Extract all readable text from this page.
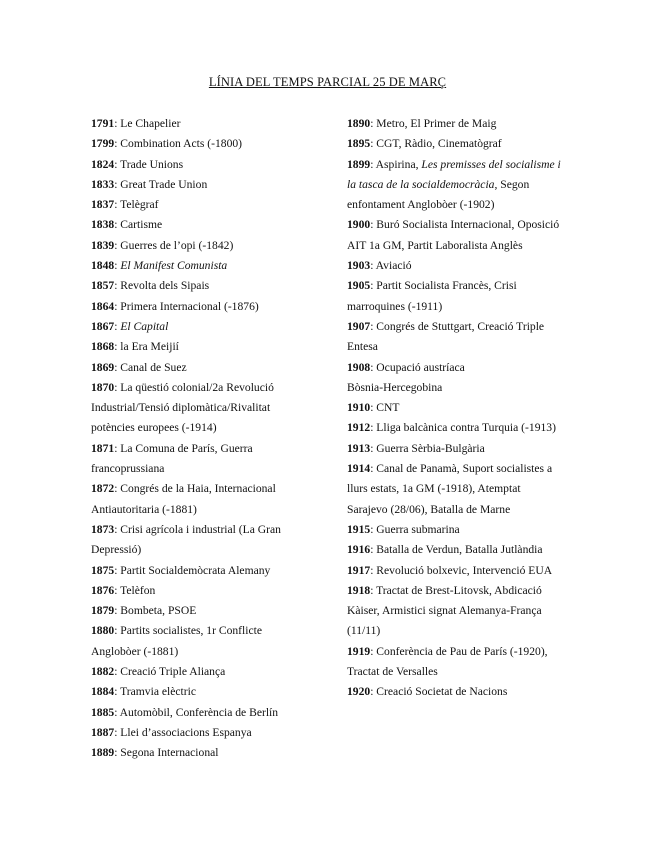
LÍNIA DEL TEMPS PARCIAL 25 DE MARÇ
1791: Le Chapelier
1799: Combination Acts (-1800)
1824: Trade Unions
1833: Great Trade Union
1837: Telègraf
1838: Cartisme
1839: Guerres de l’opi (-1842)
1848: El Manifest Comunista
1857: Revolta dels Sipais
1864: Primera Internacional (-1876)
1867: El Capital
1868: la Era Meijií
1869: Canal de Suez
1870: La qüestió colonial/2a Revolució
Industrial/Tensió diplomàtica/Rivalitat
potències europees (-1914)
1871: La Comuna de París, Guerra
francoprussiana
1872: Congrés de la Haia, Internacional
Antiautoritaria (-1881)
1873: Crisi agrícola i industrial (La Gran
Depressió)
1875: Partit Socialdemòcrata Alemany
1876: Telèfon
1879: Bombeta, PSOE
1880: Partits socialistes, 1r Conflicte
Anglobòer (-1881)
1882: Creació Triple Aliança
1884: Tramvia elèctric
1885: Automòbil, Conferència de Berlín
1887: Llei d’associacions Espanya
1889: Segona Internacional
1890: Metro, El Primer de Maig
1895: CGT, Ràdio, Cinematògraf
1899: Aspirina, Les premisses del socialisme i
la tasca de la socialdemocràcia, Segon
enfontament Anglobòer (-1902)
1900: Buró Socialista Internacional, Oposició
AIT 1a GM, Partit Laboralista Anglès
1903: Aviació
1905: Partit Socialista Francès, Crisi
marroquines (-1911)
1907: Congrés de Stuttgart, Creació Triple
Entesa
1908: Ocupació austríaca
Bòsnia-Hercegobina
1910: CNT
1912: Lliga balcànica contra Turquia (-1913)
1913: Guerra Sèrbia-Bulgària
1914: Canal de Panamà, Suport socialistes a
llurs estats, 1a GM (-1918), Atemptat
Sarajevo (28/06), Batalla de Marne
1915: Guerra submarina
1916: Batalla de Verdun, Batalla Jutlàndia
1917: Revolució bolxevic, Intervenció EUA
1918: Tractat de Brest-Litovsk, Abdicació
Kàiser, Armistici signat Alemanya-França
(11/11)
1919: Conferència de Pau de París (-1920),
Tractat de Versalles
1920: Creació Societat de Nacions
